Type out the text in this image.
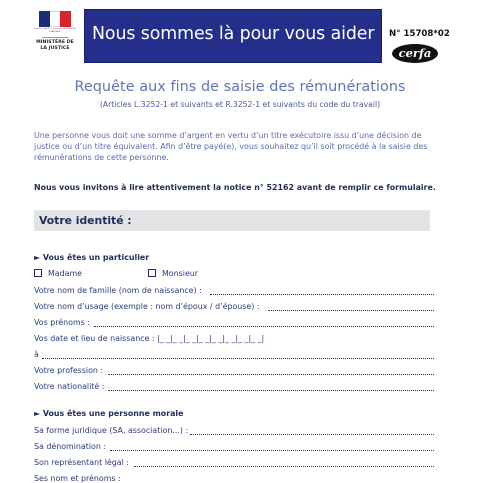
Liberté • Égalité • Fraternité RÉPUBLIQUE FRANÇAISE
MINISTÈRE DE LA JUSTICE
Nous sommes là pour vous aider N° 15708*02
cerfa
Requête aux fins de saisie des rémunérations
(Articles L.3252-1 et suivants et R.3252-1 et suivants du code du travail)
Une personne vous doit une somme d’argent en vertu d’un titre exécutoire issu d’une décision de justice ou d’un titre équivalent. Afin d’être payé(e), vous souhaitez qu’il soit procédé à la saisie des rémunérations de cette personne.
Nous vous invitons à lire attentivement la notice n° 52162 avant de remplir ce formulaire.
Votre identité :
► Vous êtes un particulier
Madame	Monsieur
Votre nom de famille (nom de naissance) :
Votre nom d’usage (exemple : nom d’époux / d’épouse) :
Vos prénoms :
Vos date et lieu de naissance : |_ _|_ _|_ _|_ _|_ _|_ _|_ _|_ _|
à
Votre profession :
Votre nationalité :
► Vous êtes une personne morale
Sa forme juridique (SA, association...) :
Sa dénomination :
Son représentant légal :
Ses nom et prénoms :
